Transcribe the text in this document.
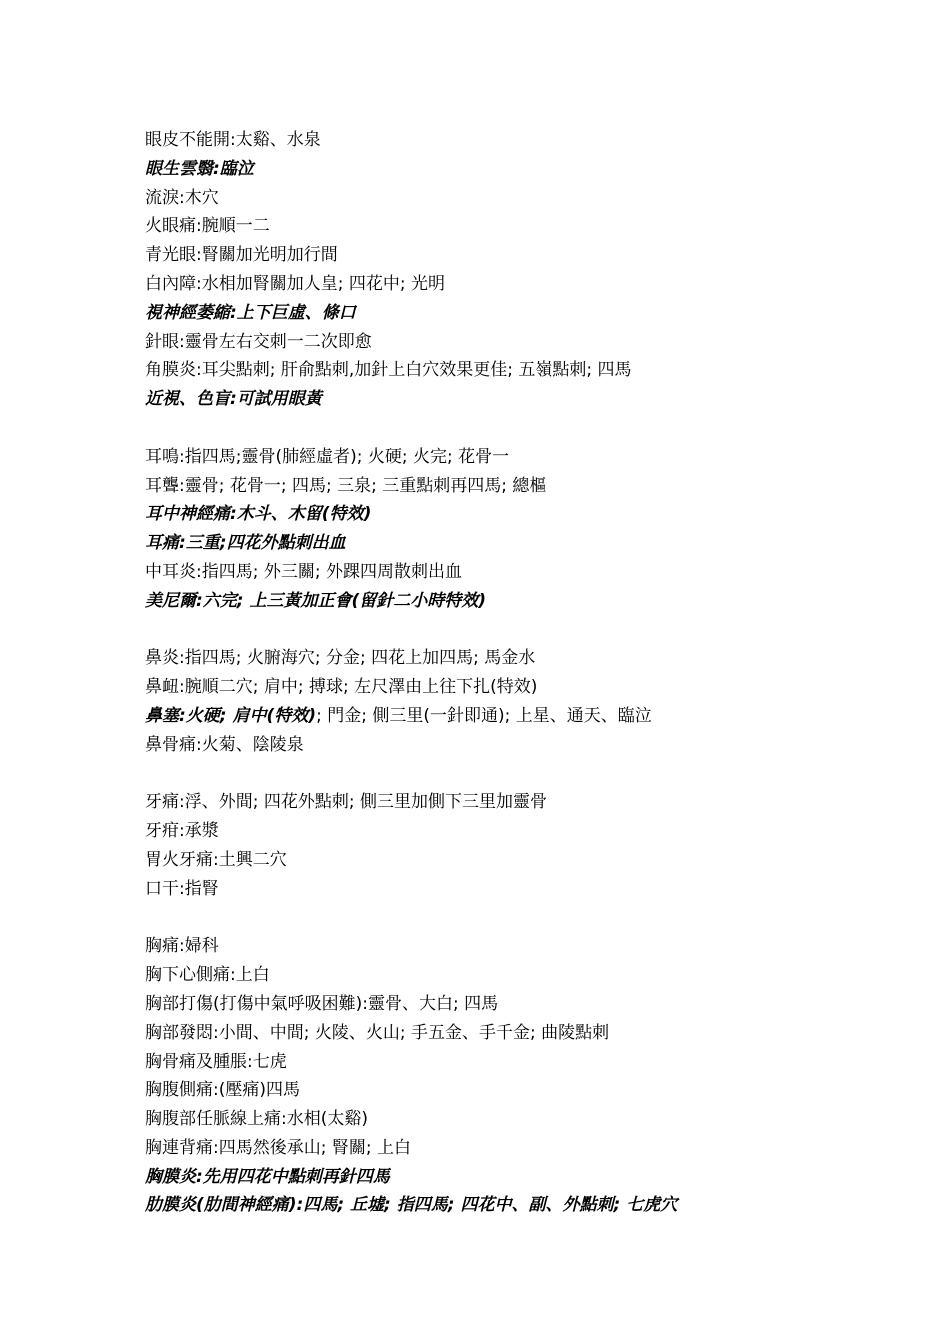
眼皮不能開:太谿、水泉
眼生雲翳:臨泣
流淚:木穴
火眼痛:腕順一二
青光眼:腎關加光明加行間
白內障:水相加腎關加人皇; 四花中; 光明
視神經萎縮:上下巨虛、條口
針眼:靈骨左右交刺一二次即愈
角膜炎:耳尖點刺; 肝俞點刺,加針上白穴效果更佳; 五嶺點刺; 四馬
近視、色盲:可試用眼黃
耳鳴:指四馬;靈骨(肺經虛者); 火硬; 火完; 花骨一
耳聾:靈骨; 花骨一; 四馬; 三泉; 三重點刺再四馬; 總樞
耳中神經痛:木斗、木留(特效)
耳痛:三重;四花外點刺出血
中耳炎:指四馬; 外三關; 外踝四周散刺出血
美尼爾:六完; 上三黃加正會(留針二小時特效)
鼻炎:指四馬; 火腑海穴; 分金; 四花上加四馬; 馬金水
鼻衄:腕順二穴; 肩中; 搏球; 左尺澤由上往下扎(特效)
鼻塞:火硬; 肩中(特效); 門金; 側三里(一針即通); 上星、通天、臨泣
鼻骨痛:火菊、陰陵泉
牙痛:浮、外間; 四花外點刺; 側三里加側下三里加靈骨
牙疳:承漿
胃火牙痛:土興二穴
口干:指腎
胸痛:婦科
胸下心側痛:上白
胸部打傷(打傷中氣呼吸困難):靈骨、大白; 四馬
胸部發悶:小間、中間; 火陵、火山; 手五金、手千金; 曲陵點刺
胸骨痛及腫脹:七虎
胸腹側痛:(壓痛)四馬
胸腹部任脈線上痛:水相(太谿)
胸連背痛:四馬然後承山; 腎關; 上白
胸膜炎:先用四花中點刺再針四馬
肋膜炎(肋間神經痛):四馬; 丘墟; 指四馬; 四花中、副、外點刺; 七虎穴
